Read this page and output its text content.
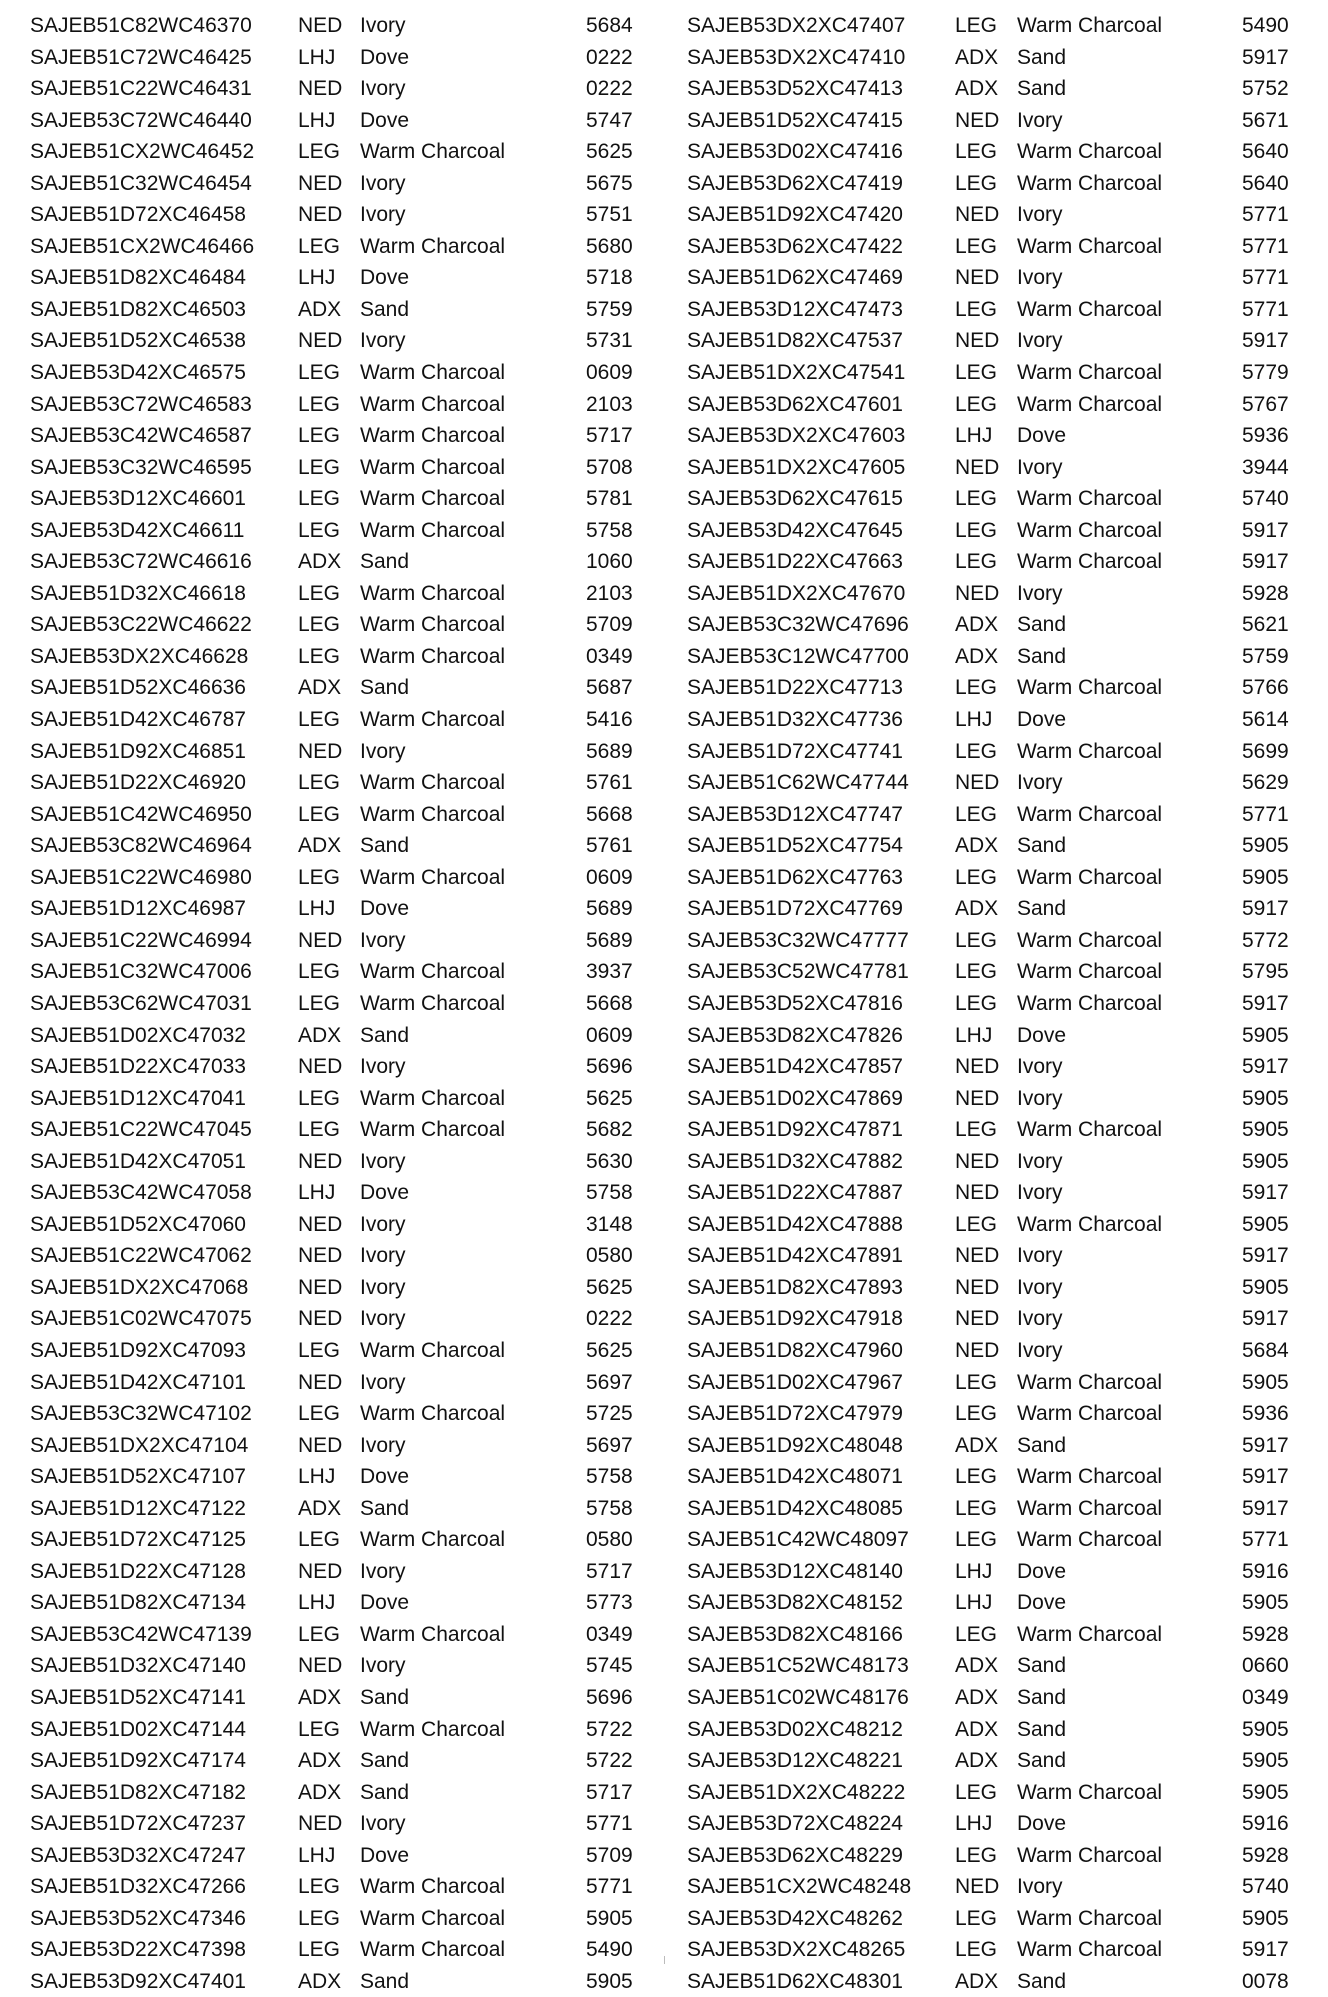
SAJEB51C82WC46370 NED Ivory	5684
SAJEB51C72WC46425 LHJ Dove	0222
SAJEB51C22WC46431 NED Ivory	0222
SAJEB53C72WC46440 LHJ Dove	5747
SAJEB51CX2WC46452 LEG Warm Charcoal	5625
SAJEB51C32WC46454 NED Ivory	5675
SAJEB51D72XC46458 NED Ivory	5751
SAJEB51CX2WC46466 LEG Warm Charcoal	5680
SAJEB51D82XC46484 LHJ Dove	5718
SAJEB51D82XC46503 ADX Sand	5759
SAJEB51D52XC46538 NED Ivory	5731
SAJEB53D42XC46575 LEG Warm Charcoal	0609
SAJEB53C72WC46583 LEG Warm Charcoal	2103
SAJEB53C42WC46587 LEG Warm Charcoal	5717
SAJEB53C32WC46595 LEG Warm Charcoal	5708
SAJEB53D12XC46601 LEG Warm Charcoal	5781
SAJEB53D42XC46611	LEG Warm Charcoal	5758
SAJEB53C72WC46616 ADX Sand	1060
SAJEB51D32XC46618 LEG Warm Charcoal	2103
SAJEB53C22WC46622 LEG Warm Charcoal	5709
SAJEB53DX2XC46628 LEG Warm Charcoal	0349
SAJEB51D52XC46636 ADX Sand	5687
SAJEB51D42XC46787 LEG Warm Charcoal	5416
SAJEB51D92XC46851 NED Ivory	5689
SAJEB51D22XC46920 LEG Warm Charcoal	5761
SAJEB51C42WC46950 LEG Warm Charcoal	5668
SAJEB53C82WC46964 ADX Sand	5761
SAJEB51C22WC46980 LEG Warm Charcoal	0609
SAJEB51D12XC46987 LHJ Dove	5689
SAJEB51C22WC46994 NED Ivory	5689
SAJEB51C32WC47006 LEG Warm Charcoal	3937
SAJEB53C62WC47031 LEG Warm Charcoal	5668
SAJEB51D02XC47032 ADX Sand	0609
SAJEB51D22XC47033 NED Ivory	5696
SAJEB51D12XC47041 LEG Warm Charcoal	5625
SAJEB51C22WC47045 LEG Warm Charcoal	5682
SAJEB51D42XC47051 NED Ivory	5630
SAJEB53C42WC47058 LHJ Dove	5758
SAJEB51D52XC47060 NED Ivory	3148
SAJEB51C22WC47062 NED Ivory	0580
SAJEB51DX2XC47068 NED Ivory	5625
SAJEB51C02WC47075 NED Ivory	0222
SAJEB51D92XC47093 LEG Warm Charcoal	5625
SAJEB51D42XC47101 NED Ivory	5697
SAJEB53C32WC47102 LEG Warm Charcoal	5725
SAJEB51DX2XC47104 NED Ivory	5697
SAJEB51D52XC47107 LHJ Dove	5758
SAJEB51D12XC47122 ADX Sand	5758
SAJEB51D72XC47125 LEG Warm Charcoal	0580
SAJEB51D22XC47128 NED Ivory	5717
SAJEB51D82XC47134 LHJ Dove	5773
SAJEB53C42WC47139 LEG Warm Charcoal	0349
SAJEB51D32XC47140 NED Ivory	5745
SAJEB51D52XC47141 ADX Sand	5696
SAJEB51D02XC47144 LEG Warm Charcoal	5722
SAJEB51D92XC47174 ADX Sand	5722
SAJEB51D82XC47182 ADX Sand	5717
SAJEB51D72XC47237 NED Ivory	5771
SAJEB53D32XC47247 LHJ Dove	5709
SAJEB51D32XC47266 LEG Warm Charcoal	5771
SAJEB53D52XC47346 LEG Warm Charcoal	5905
SAJEB53D22XC47398 LEG Warm Charcoal	5490
SAJEB53D92XC47401 ADX Sand	5905
SAJEB53DX2XC47407 LEG Warm Charcoal	5490
SAJEB53DX2XC47410 ADX Sand	5917
SAJEB53D52XC47413 ADX Sand	5752
SAJEB51D52XC47415 NED Ivory	5671
SAJEB53D02XC47416 LEG Warm Charcoal	5640
SAJEB53D62XC47419 LEG Warm Charcoal	5640
SAJEB51D92XC47420 NED Ivory	5771
SAJEB53D62XC47422 LEG Warm Charcoal	5771
SAJEB51D62XC47469 NED Ivory	5771
SAJEB53D12XC47473 LEG Warm Charcoal	5771
SAJEB51D82XC47537 NED Ivory	5917
SAJEB51DX2XC47541 LEG Warm Charcoal	5779
SAJEB53D62XC47601 LEG Warm Charcoal	5767
SAJEB53DX2XC47603 LHJ Dove	5936
SAJEB51DX2XC47605 NED Ivory	3944
SAJEB53D62XC47615 LEG Warm Charcoal	5740
SAJEB53D42XC47645 LEG Warm Charcoal	5917
SAJEB51D22XC47663 LEG Warm Charcoal	5917
SAJEB51DX2XC47670 NED Ivory	5928
SAJEB53C32WC47696 ADX Sand	5621
SAJEB53C12WC47700 ADX Sand	5759
SAJEB51D22XC47713 LEG Warm Charcoal	5766
SAJEB51D32XC47736 LHJ Dove	5614
SAJEB51D72XC47741 LEG Warm Charcoal	5699
SAJEB51C62WC47744 NED Ivory	5629
SAJEB53D12XC47747 LEG Warm Charcoal	5771
SAJEB51D52XC47754 ADX Sand	5905
SAJEB51D62XC47763 LEG Warm Charcoal	5905
SAJEB51D72XC47769 ADX Sand	5917
SAJEB53C32WC47777 LEG Warm Charcoal	5772
SAJEB53C52WC47781 LEG Warm Charcoal	5795
SAJEB53D52XC47816 LEG Warm Charcoal	5917
SAJEB53D82XC47826 LHJ Dove	5905
SAJEB51D42XC47857 NED Ivory	5917
SAJEB51D02XC47869 NED Ivory	5905
SAJEB51D92XC47871 LEG Warm Charcoal	5905
SAJEB51D32XC47882 NED Ivory	5905
SAJEB51D22XC47887 NED Ivory	5917
SAJEB51D42XC47888 LEG Warm Charcoal	5905
SAJEB51D42XC47891 NED Ivory	5917
SAJEB51D82XC47893 NED Ivory	5905
SAJEB51D92XC47918 NED Ivory	5917
SAJEB51D82XC47960 NED Ivory	5684
SAJEB51D02XC47967 LEG Warm Charcoal	5905
SAJEB51D72XC47979 LEG Warm Charcoal	5936
SAJEB51D92XC48048 ADX Sand	5917
SAJEB51D42XC48071 LEG Warm Charcoal	5917
SAJEB51D42XC48085 LEG Warm Charcoal	5917
SAJEB51C42WC48097 LEG Warm Charcoal	5771
SAJEB53D12XC48140 LHJ Dove	5916
SAJEB53D82XC48152 LHJ Dove	5905
SAJEB53D82XC48166 LEG Warm Charcoal	5928
SAJEB51C52WC48173 ADX Sand	0660
SAJEB51C02WC48176 ADX Sand	0349
SAJEB53D02XC48212 ADX Sand	5905
SAJEB53D12XC48221 ADX Sand	5905
SAJEB51DX2XC48222 LEG Warm Charcoal	5905
SAJEB53D72XC48224 LHJ Dove	5916
SAJEB53D62XC48229 LEG Warm Charcoal	5928
SAJEB51CX2WC48248 NED Ivory	5740
SAJEB53D42XC48262 LEG Warm Charcoal	5905
SAJEB53DX2XC48265 LEG Warm Charcoal	5917
SAJEB51D62XC48301 ADX Sand	0078
